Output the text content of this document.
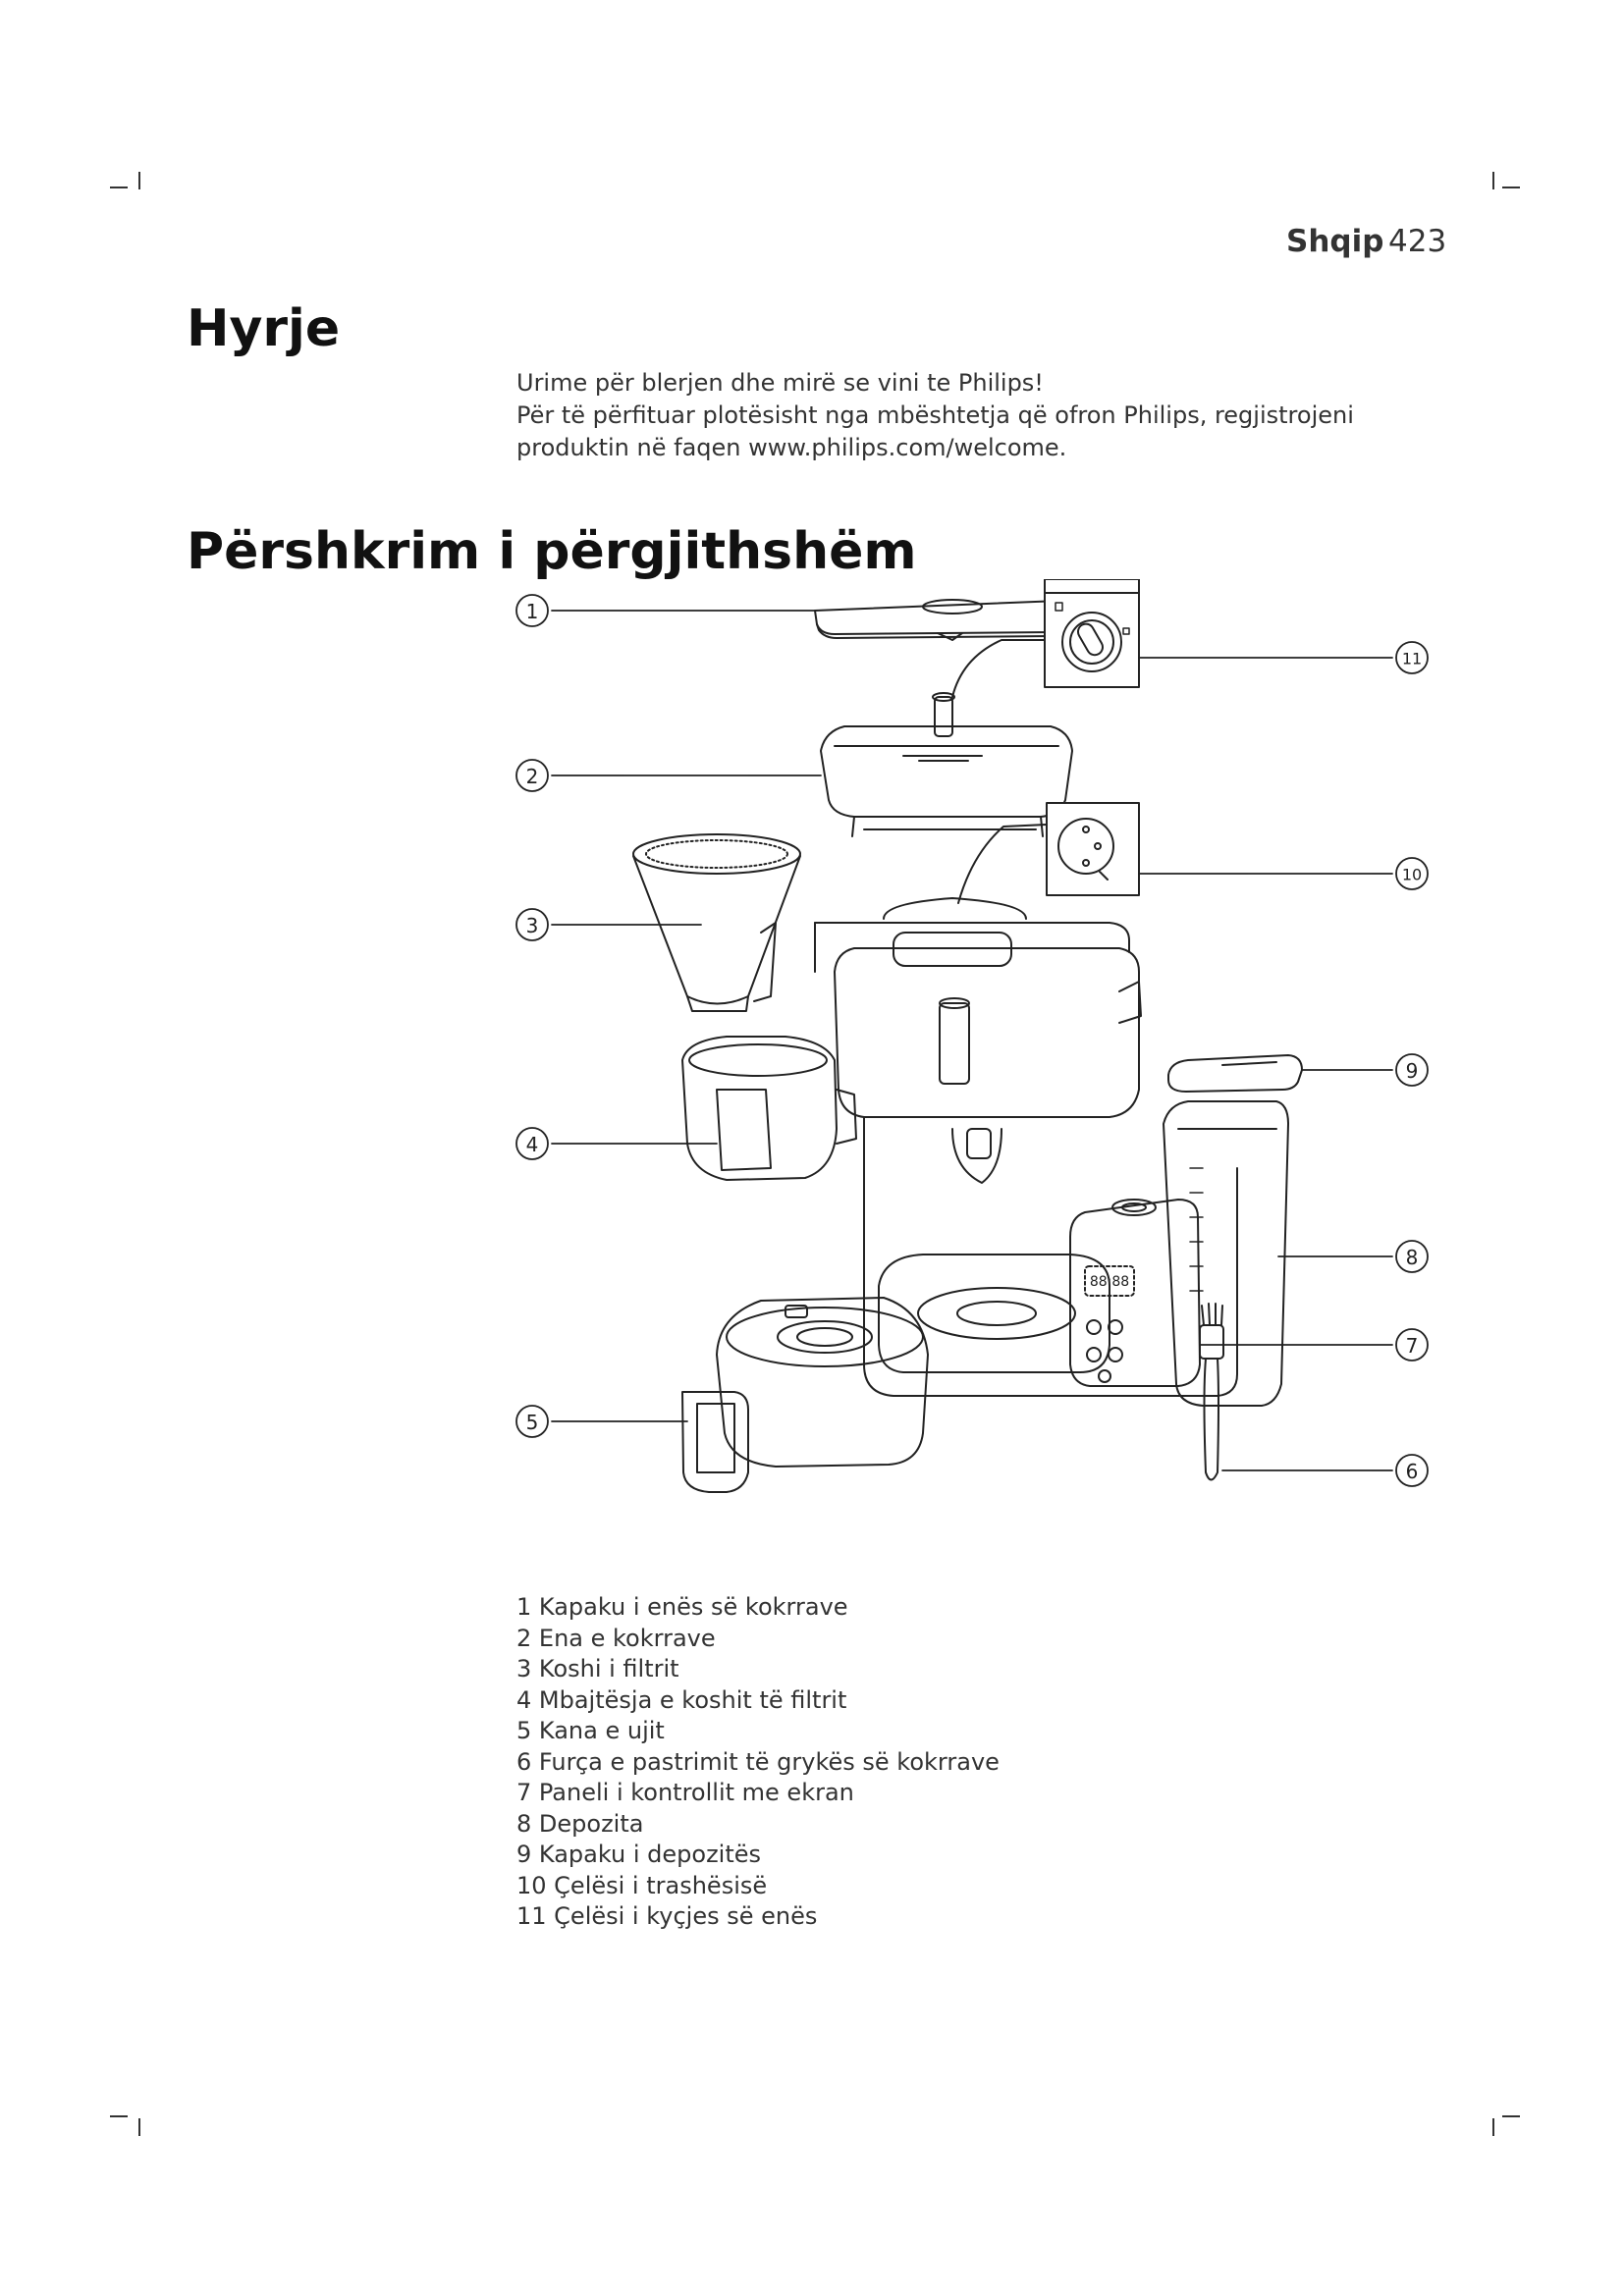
Shqip 423
Hyrje

Urime për blerjen dhe mirë se vini te Philips!

Për të përfituar plotësisht nga mbështetja që ofron Philips, regjistrojeni produktin në faqen www.philips.com/welcome.

Përshkrim i përgjithshëm
1
2
3
4
5
6
7
8
9
10
11
88:88
1 Kapaku i enës së kokrrave
2 Ena e kokrrave
3 Koshi i filtrit
4 Mbajtësja e koshit të filtrit
5 Kana e ujit
6 Furça e pastrimit të grykës së kokrrave
7 Paneli i kontrollit me ekran
8 Depozita
9 Kapaku i depozitës
10 Çelësi i trashësisë
11 Çelësi i kyçjes së enës
